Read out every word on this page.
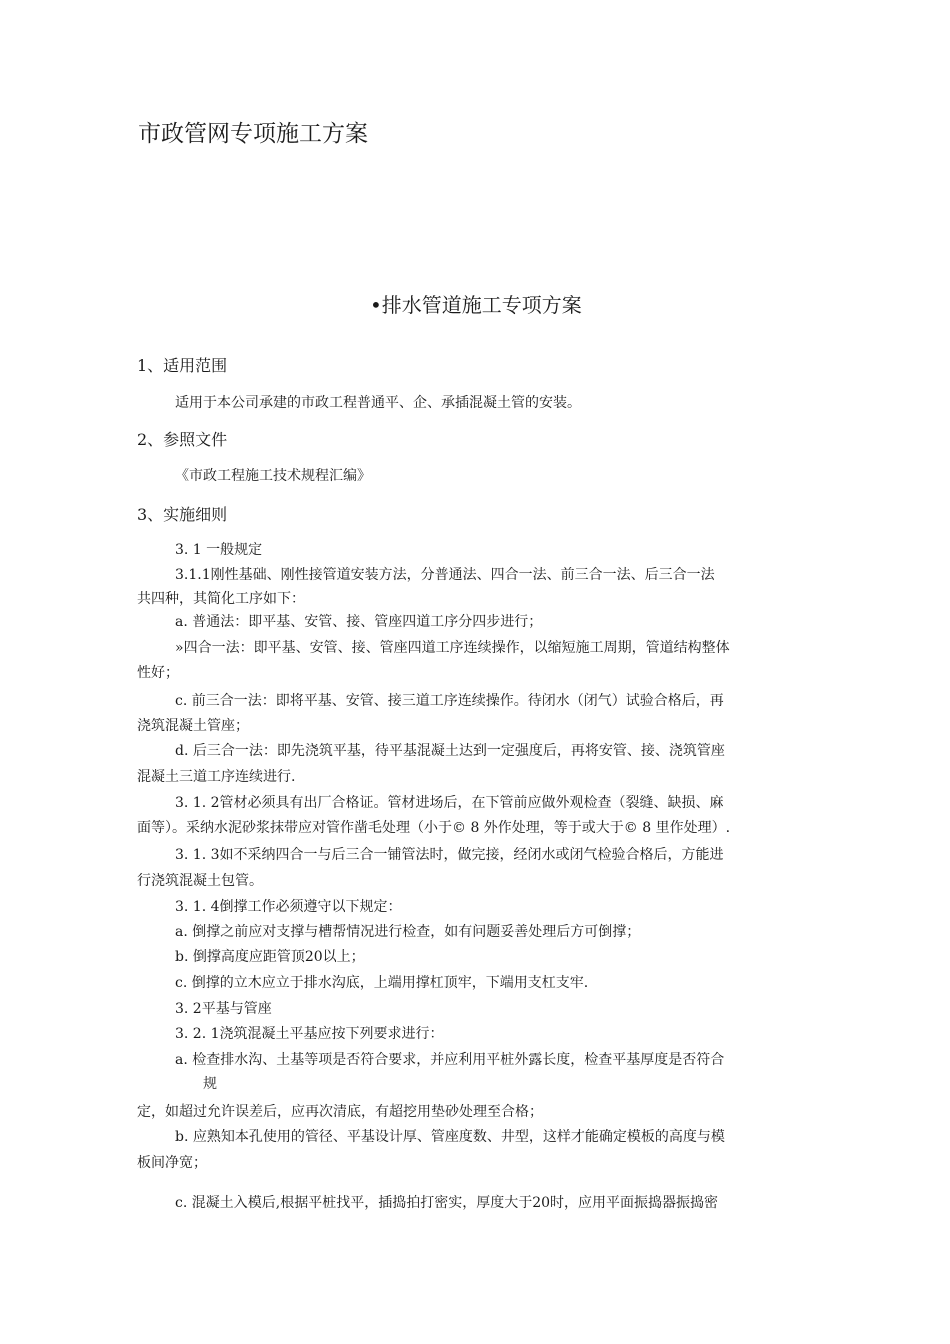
市政管网专项施工方案
•排水管道施工专项方案
1、适用范围
适用于本公司承建的市政工程普通平、企、承插混凝土管的安装。
2、参照文件
《市政工程施工技术规程汇编》
3、实施细则
3. 1 一般规定
3.1.1刚性基础、刚性接管道安装方法，分普通法、四合一法、前三合一法、后三合一法
共四种，其简化工序如下：
a. 普通法：即平基、安管、接、管座四道工序分四步进行；
»四合一法：即平基、安管、接、管座四道工序连续操作，以缩短施工周期，管道结构整体
性好；
c. 前三合一法：即将平基、安管、接三道工序连续操作。待闭水（闭气）试验合格后，再
浇筑混凝土管座；
d. 后三合一法：即先浇筑平基，待平基混凝土达到一定强度后，再将安管、接、浇筑管座
混凝土三道工序连续进行.
3. 1. 2管材必须具有出厂合格证。管材进场后，在下管前应做外观检查（裂缝、缺损、麻
面等）。采纳水泥砂浆抹带应对管作凿毛处理（小于© 8 外作处理，等于或大于© 8 里作处理）.
3. 1. 3如不采纳四合一与后三合一铺管法时，做完接，经闭水或闭气检验合格后，方能进
行浇筑混凝土包管。
3. 1. 4倒撑工作必须遵守以下规定：
a. 倒撑之前应对支撑与槽帮情况进行检查，如有问题妥善处理后方可倒撑；
b. 倒撑高度应距管顶20以上；
c. 倒撑的立木应立于排水沟底，上端用撑杠顶牢，下端用支杠支牢.
3. 2平基与管座
3. 2. 1浇筑混凝土平基应按下列要求进行：
a. 检查排水沟、土基等项是否符合要求，并应利用平桩外露长度，检查平基厚度是否符合
规
定，如超过允许误差后，应再次清底，有超挖用垫砂处理至合格；
b. 应熟知本孔使用的管径、平基设计厚、管座度数、井型，这样才能确定模板的高度与模
板间净宽；
c. 混凝土入模后,根据平桩找平，插捣拍打密实，厚度大于20时，应用平面振捣器振捣密
